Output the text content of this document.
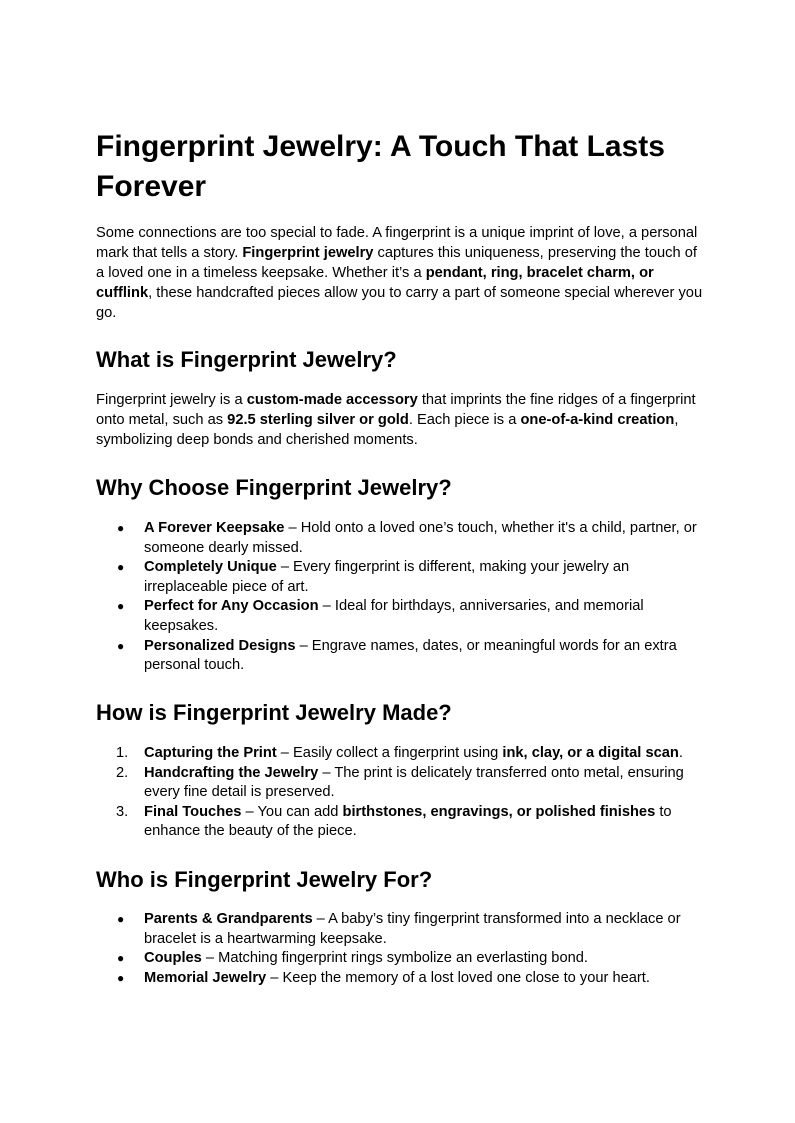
Fingerprint Jewelry: A Touch That Lasts Forever

Some connections are too special to fade. A fingerprint is a unique imprint of love, a personal mark that tells a story. Fingerprint jewelry captures this uniqueness, preserving the touch of a loved one in a timeless keepsake. Whether it’s a pendant, ring, bracelet charm, or cufflink, these handcrafted pieces allow you to carry a part of someone special wherever you go.

What is Fingerprint Jewelry?

Fingerprint jewelry is a custom-made accessory that imprints the fine ridges of a fingerprint onto metal, such as 92.5 sterling silver or gold. Each piece is a one-of-a-kind creation, symbolizing deep bonds and cherished moments.

Why Choose Fingerprint Jewelry?
● A Forever Keepsake – Hold onto a loved one’s touch, whether it's a child, partner, or someone dearly missed.
● Completely Unique – Every fingerprint is different, making your jewelry an irreplaceable piece of art.
● Perfect for Any Occasion – Ideal for birthdays, anniversaries, and memorial keepsakes.
● Personalized Designs – Engrave names, dates, or meaningful words for an extra personal touch.
How is Fingerprint Jewelry Made?
1. Capturing the Print – Easily collect a fingerprint using ink, clay, or a digital scan.
2. Handcrafting the Jewelry – The print is delicately transferred onto metal, ensuring every fine detail is preserved.
3. Final Touches – You can add birthstones, engravings, or polished finishes to enhance the beauty of the piece.
Who is Fingerprint Jewelry For?
● Parents & Grandparents – A baby’s tiny fingerprint transformed into a necklace or bracelet is a heartwarming keepsake.
● Couples – Matching fingerprint rings symbolize an everlasting bond.
● Memorial Jewelry – Keep the memory of a lost loved one close to your heart.
